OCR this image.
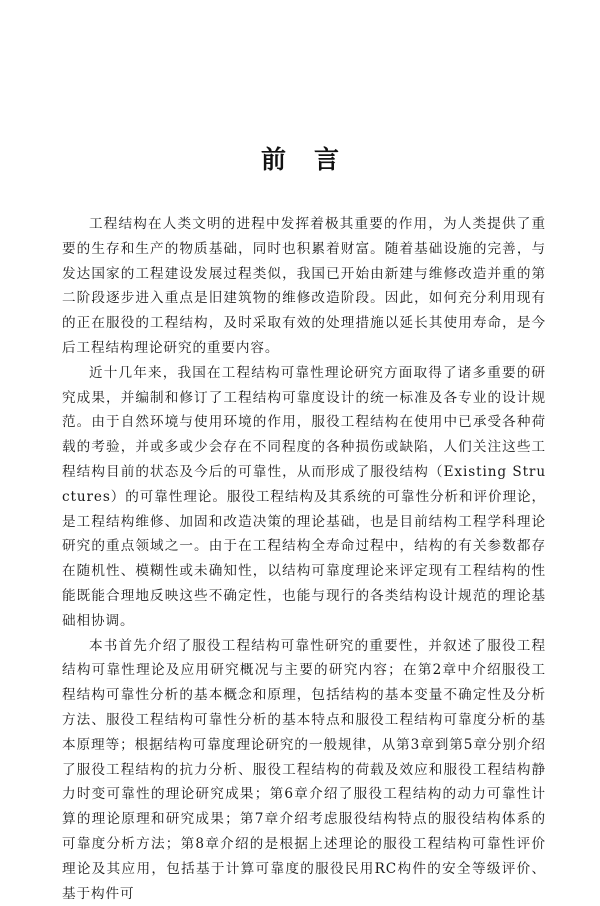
前言

工程结构在人类文明的进程中发挥着极其重要的作用，为人类提供了重要的生存和生产的物质基础，同时也积累着财富。随着基础设施的完善，与发达国家的工程建设发展过程类似，我国已开始由新建与维修改造并重的第二阶段逐步进入重点是旧建筑物的维修改造阶段。因此，如何充分利用现有的正在服役的工程结构，及时采取有效的处理措施以延长其使用寿命，是今后工程结构理论研究的重要内容。

近十几年来，我国在工程结构可靠性理论研究方面取得了诸多重要的研究成果，并编制和修订了工程结构可靠度设计的统一标准及各专业的设计规范。由于自然环境与使用环境的作用，服役工程结构在使用中已承受各种荷载的考验，并或多或少会存在不同程度的各种损伤或缺陷，人们关注这些工程结构目前的状态及今后的可靠性，从而形成了服役结构（Existing Structures）的可靠性理论。服役工程结构及其系统的可靠性分析和评价理论，是工程结构维修、加固和改造决策的理论基础，也是目前结构工程学科理论研究的重点领域之一。由于在工程结构全寿命过程中，结构的有关参数都存在随机性、模糊性或未确知性，以结构可靠度理论来评定现有工程结构的性能既能合理地反映这些不确定性，也能与现行的各类结构设计规范的理论基础相协调。

本书首先介绍了服役工程结构可靠性研究的重要性，并叙述了服役工程结构可靠性理论及应用研究概况与主要的研究内容；在第2章中介绍服役工程结构可靠性分析的基本概念和原理，包括结构的基本变量不确定性及分析方法、服役工程结构可靠性分析的基本特点和服役工程结构可靠度分析的基本原理等；根据结构可靠度理论研究的一般规律，从第3章到第5章分别介绍了服役工程结构的抗力分析、服役工程结构的荷载及效应和服役工程结构静力时变可靠性的理论研究成果；第6章介绍了服役工程结构的动力可靠性计算的理论原理和研究成果；第7章介绍考虑服役结构特点的服役结构体系的可靠度分析方法；第8章介绍的是根据上述理论的服役工程结构可靠性评价理论及其应用，包括基于计算可靠度的服役民用RC构件的安全等级评价、基于构件可
